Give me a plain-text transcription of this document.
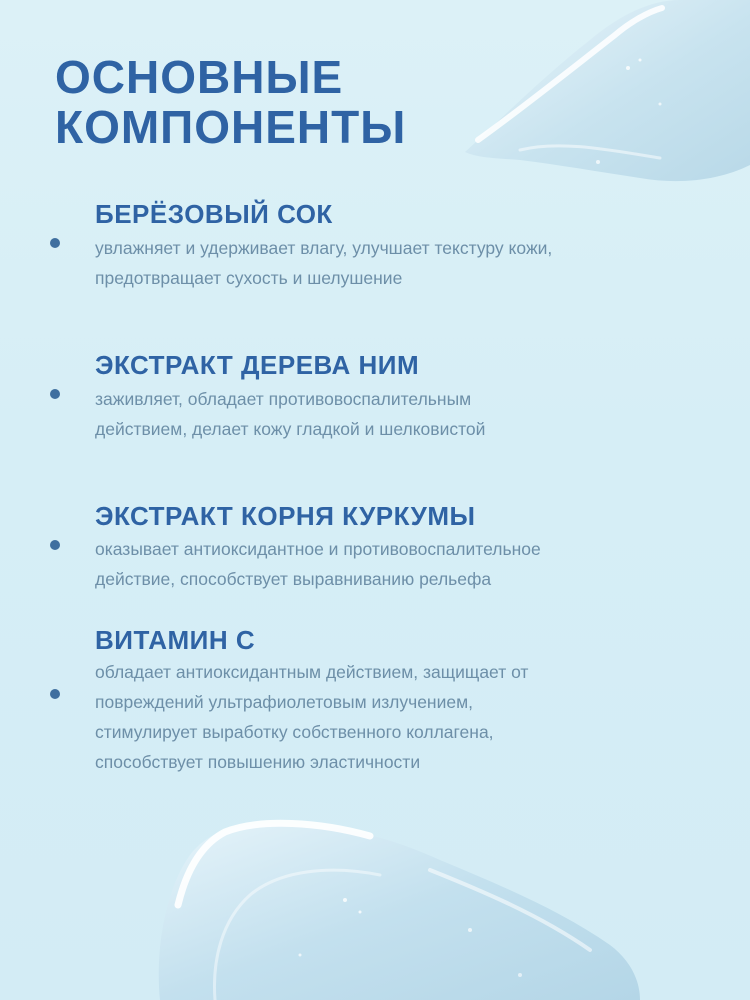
ОСНОВНЫЕ
КОМПОНЕНТЫ
БЕРЁЗОВЫЙ СОК

увлажняет и удерживает влагу, улучшает текстуру кожи,
предотвращает сухость и шелушение

ЭКСТРАКТ ДЕРЕВА НИМ

заживляет, обладает противовоспалительным
действием, делает кожу гладкой и шелковистой

ЭКСТРАКТ КОРНЯ КУРКУМЫ

оказывает антиоксидантное и противовоспалительное
действие, способствует выравниванию рельефа

ВИТАМИН С

обладает антиоксидантным действием, защищает от
повреждений ультрафиолетовым излучением,
стимулирует выработку собственного коллагена,
способствует повышению эластичности
